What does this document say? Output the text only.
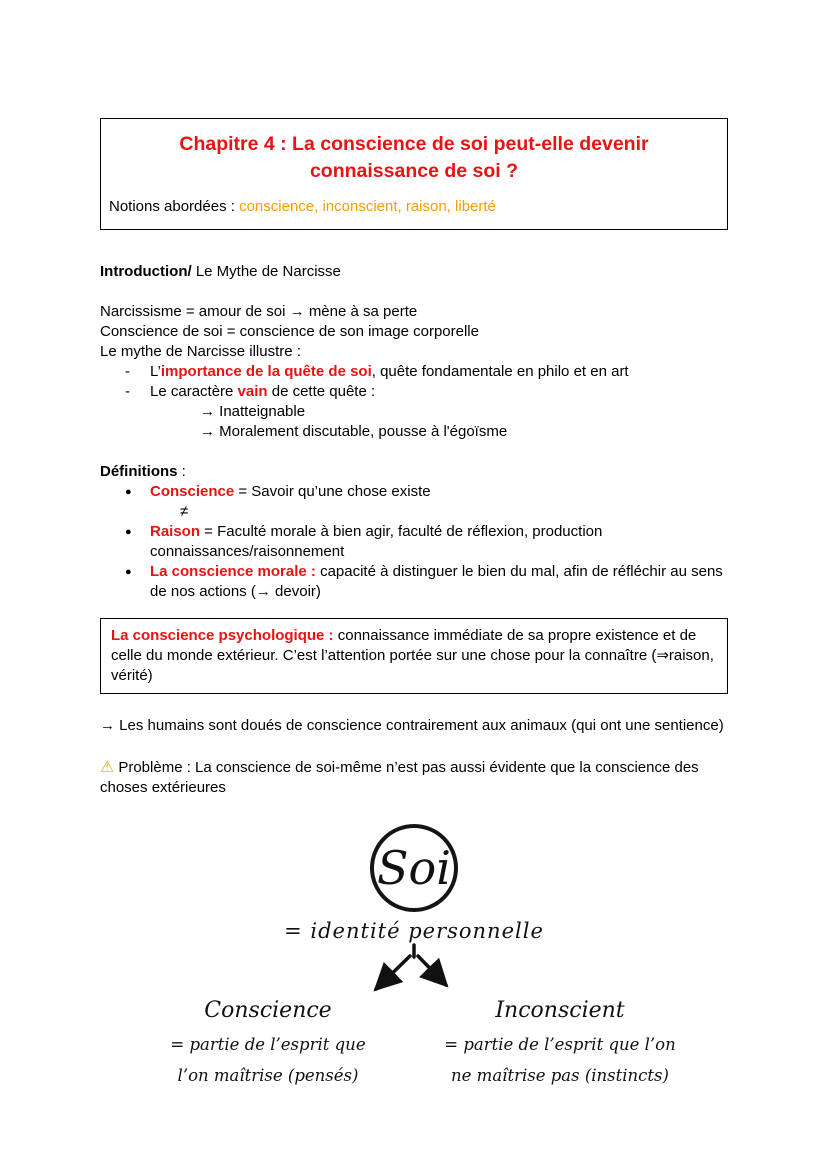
Chapitre 4 : La conscience de soi peut-elle devenir connaissance de soi ?
Notions abordées : conscience, inconscient, raison, liberté

Introduction/ Le Mythe de Narcisse

Narcissisme = amour de soi → mène à sa perte

Conscience de soi = conscience de son image corporelle

Le mythe de Narcisse illustre :

-	L’importance de la quête de soi, quête fondamentale en philo et en art
-	Le caractère vain de cette quête :

→ Inatteignable

→ Moralement discutable, pousse à l'égoïsme

Définitions :

●	Conscience = Savoir qu’une chose existe

≠

●	Raison = Faculté morale à bien agir, faculté de réflexion, production connaissances/raisonnement
●	La conscience morale : capacité à distinguer le bien du mal, afin de réfléchir au sens de nos actions (→ devoir)
La conscience psychologique : connaissance immédiate de sa propre existence et de celle du monde extérieur. C’est l’attention portée sur une chose pour la connaître (⇒raison, vérité)

→ Les humains sont doués de conscience contrairement aux animaux (qui ont une sentience)

⚠ Problème : La conscience de soi-même n’est pas aussi évidente que la conscience des choses extérieures

Soi
= identité personnelle
Conscience
= partie de l’esprit que
l’on maîtrise (pensés)
Inconscient
= partie de l’esprit que l’on
ne maîtrise pas (instincts)
